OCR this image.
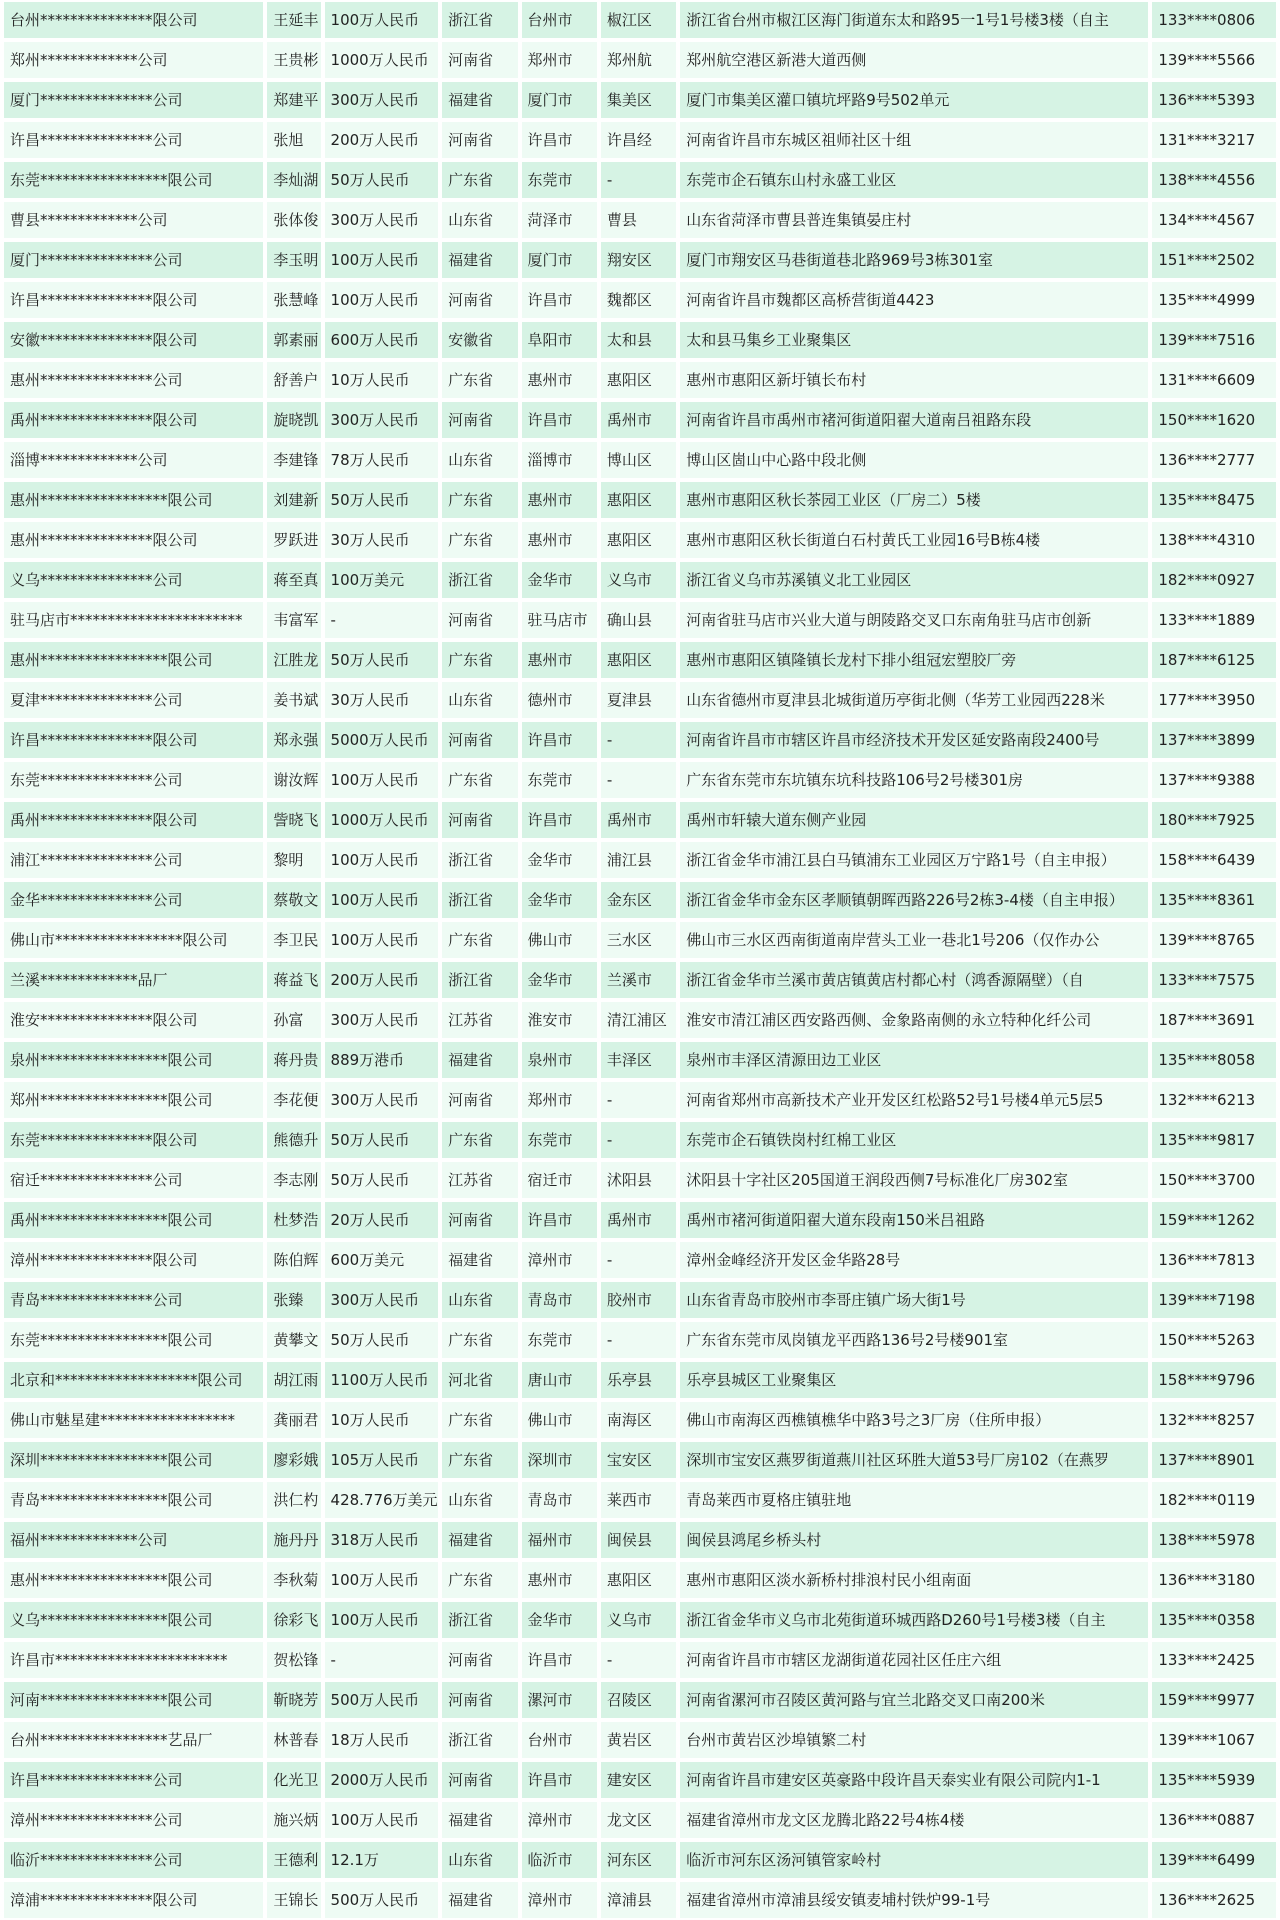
台州***************限公司	王延丰	100万人民币	浙江省	台州市	椒江区	浙江省台州市椒江区海门街道东太和路95一1号1号楼3楼（自主	133****0806
郑州*************公司	王贵彬	1000万人民币	河南省	郑州市	郑州航	郑州航空港区新港大道西侧	139****5566
厦门***************公司	郑建平	300万人民币	福建省	厦门市	集美区	厦门市集美区灌口镇坑坪路9号502单元	136****5393
许昌***************公司	张旭	200万人民币	河南省	许昌市	许昌经	河南省许昌市东城区祖师社区十组	131****3217
东莞*****************限公司	李灿湖	50万人民币	广东省	东莞市	-	东莞市企石镇东山村永盛工业区	138****4556
曹县*************公司	张体俊	300万人民币	山东省	菏泽市	曹县	山东省菏泽市曹县普连集镇晏庄村	134****4567
厦门***************公司	李玉明	100万人民币	福建省	厦门市	翔安区	厦门市翔安区马巷街道巷北路969号3栋301室	151****2502
许昌***************限公司	张慧峰	100万人民币	河南省	许昌市	魏都区	河南省许昌市魏都区高桥营街道4423	135****4999
安徽***************限公司	郭素丽	600万人民币	安徽省	阜阳市	太和县	太和县马集乡工业聚集区	139****7516
惠州***************公司	舒善户	10万人民币	广东省	惠州市	惠阳区	惠州市惠阳区新圩镇长布村	131****6609
禹州***************限公司	旋晓凯	300万人民币	河南省	许昌市	禹州市	河南省许昌市禹州市褚河街道阳翟大道南吕祖路东段	150****1620
淄博*************公司	李建锋	78万人民币	山东省	淄博市	博山区	博山区崮山中心路中段北侧	136****2777
惠州*****************限公司	刘建新	50万人民币	广东省	惠州市	惠阳区	惠州市惠阳区秋长茶园工业区（厂房二）5楼	135****8475
惠州***************限公司	罗跃进	30万人民币	广东省	惠州市	惠阳区	惠州市惠阳区秋长街道白石村黄氏工业园16号B栋4楼	138****4310
义乌***************公司	蒋至真	100万美元	浙江省	金华市	义乌市	浙江省义乌市苏溪镇义北工业园区	182****0927
驻马店市***********************	韦富军	-	河南省	驻马店市	确山县	河南省驻马店市兴业大道与朗陵路交叉口东南角驻马店市创新	133****1889
惠州*****************限公司	江胜龙	50万人民币	广东省	惠州市	惠阳区	惠州市惠阳区镇隆镇长龙村下排小组冠宏塑胶厂旁	187****6125
夏津***************公司	姜书斌	30万人民币	山东省	德州市	夏津县	山东省德州市夏津县北城街道历亭街北侧（华芳工业园西228米	177****3950
许昌***************限公司	郑永强	5000万人民币	河南省	许昌市	-	河南省许昌市市辖区许昌市经济技术开发区延安路南段2400号	137****3899
东莞***************公司	谢汝辉	100万人民币	广东省	东莞市	-	广东省东莞市东坑镇东坑科技路106号2号楼301房	137****9388
禹州***************限公司	訾晓飞	1000万人民币	河南省	许昌市	禹州市	禹州市轩辕大道东侧产业园	180****7925
浦江***************公司	黎明	100万人民币	浙江省	金华市	浦江县	浙江省金华市浦江县白马镇浦东工业园区万宁路1号（自主申报）	158****6439
金华***************公司	蔡敬文	100万人民币	浙江省	金华市	金东区	浙江省金华市金东区孝顺镇朝晖西路226号2栋3-4楼（自主申报）	135****8361
佛山市*****************限公司	李卫民	100万人民币	广东省	佛山市	三水区	佛山市三水区西南街道南岸营头工业一巷北1号206（仅作办公	139****8765
兰溪*************品厂	蒋益飞	200万人民币	浙江省	金华市	兰溪市	浙江省金华市兰溪市黄店镇黄店村都心村（鸿香源隔壁）（自	133****7575
淮安***************限公司	孙富	300万人民币	江苏省	淮安市	清江浦区	淮安市清江浦区西安路西侧、金象路南侧的永立特种化纤公司	187****3691
泉州*****************限公司	蒋丹贵	889万港币	福建省	泉州市	丰泽区	泉州市丰泽区清源田边工业区	135****8058
郑州*****************限公司	李花便	300万人民币	河南省	郑州市	-	河南省郑州市高新技术产业开发区红松路52号1号楼4单元5层5	132****6213
东莞***************限公司	熊德升	50万人民币	广东省	东莞市	-	东莞市企石镇铁岗村红棉工业区	135****9817
宿迁***************公司	李志刚	50万人民币	江苏省	宿迁市	沭阳县	沭阳县十字社区205国道王润段西侧7号标准化厂房302室	150****3700
禹州*****************限公司	杜梦浩	20万人民币	河南省	许昌市	禹州市	禹州市褚河街道阳翟大道东段南150米吕祖路	159****1262
漳州***************限公司	陈伯辉	600万美元	福建省	漳州市	-	漳州金峰经济开发区金华路28号	136****7813
青岛***************公司	张臻	300万人民币	山东省	青岛市	胶州市	山东省青岛市胶州市李哥庄镇广场大街1号	139****7198
东莞*****************限公司	黄攀文	50万人民币	广东省	东莞市	-	广东省东莞市凤岗镇龙平西路136号2号楼901室	150****5263
北京和*******************限公司	胡江雨	1100万人民币	河北省	唐山市	乐亭县	乐亭县城区工业聚集区	158****9796
佛山市魅星建******************	龚丽君	10万人民币	广东省	佛山市	南海区	佛山市南海区西樵镇樵华中路3号之3厂房（住所申报）	132****8257
深圳*****************限公司	廖彩娥	105万人民币	广东省	深圳市	宝安区	深圳市宝安区燕罗街道燕川社区环胜大道53号厂房102（在燕罗	137****8901
青岛*****************限公司	洪仁杓	428.776万美元	山东省	青岛市	莱西市	青岛莱西市夏格庄镇驻地	182****0119
福州*************公司	施丹丹	318万人民币	福建省	福州市	闽侯县	闽侯县鸿尾乡桥头村	138****5978
惠州*****************限公司	李秋菊	100万人民币	广东省	惠州市	惠阳区	惠州市惠阳区淡水新桥村排浪村民小组南面	136****3180
义乌*****************限公司	徐彩飞	100万人民币	浙江省	金华市	义乌市	浙江省金华市义乌市北苑街道环城西路D260号1号楼3楼（自主	135****0358
许昌市***********************	贺松锋	-	河南省	许昌市	-	河南省许昌市市辖区龙湖街道花园社区任庄六组	133****2425
河南*****************限公司	靳晓芳	500万人民币	河南省	漯河市	召陵区	河南省漯河市召陵区黄河路与宜兰北路交叉口南200米	159****9977
台州*****************艺品厂	林普春	18万人民币	浙江省	台州市	黄岩区	台州市黄岩区沙埠镇繁二村	139****1067
许昌***************公司	化光卫	2000万人民币	河南省	许昌市	建安区	河南省许昌市建安区英豪路中段许昌天泰实业有限公司院内1-1	135****5939
漳州***************公司	施兴炳	100万人民币	福建省	漳州市	龙文区	福建省漳州市龙文区龙腾北路22号4栋4楼	136****0887
临沂***************公司	王德利	12.1万	山东省	临沂市	河东区	临沂市河东区汤河镇管家岭村	139****6499
漳浦***************限公司	王锦长	500万人民币	福建省	漳州市	漳浦县	福建省漳州市漳浦县绥安镇麦埔村铁炉99-1号	136****2625
